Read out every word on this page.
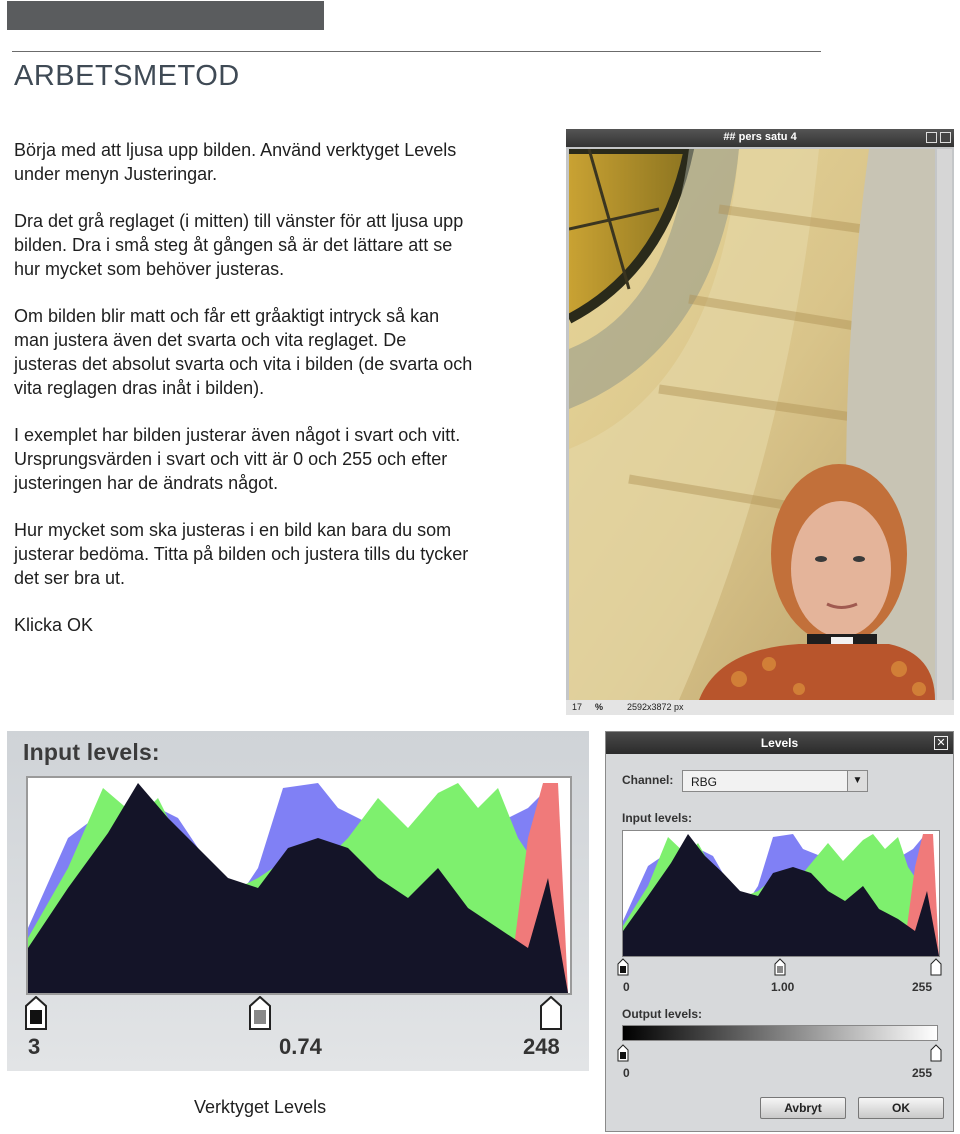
ARBETSMETOD

Börja med att ljusa upp bilden. Använd verktyget Levels under menyn Justeringar.

Dra det grå reglaget (i mitten) till vänster för att ljusa upp bilden. Dra i små steg åt gången så är det lättare att se hur mycket som behöver justeras.

Om bilden blir matt och får ett gråaktigt intryck så kan man justera även det svarta och vita reglaget. De justeras det absolut svarta och vita i bilden (de svarta och vita reglagen dras inåt i bilden).

I exemplet har bilden justerar även något i svart och vitt. Ursprungsvärden i svart och vitt är 0 och 255 och efter justeringen har de ändrats något.

Hur mycket som ska justeras i en bild kan bara du som justerar bedöma. Titta på bilden och justera tills du tycker det ser bra ut.

Klicka OK

## pers satu 4
17 %	2592x3872 px
Input levels:
3	0.74	248
Levels	✕
Channel: RBG	▼
Input levels:
0	1.00	255
Output levels:
0	255
Avbryt	OK
Verktyget Levels
